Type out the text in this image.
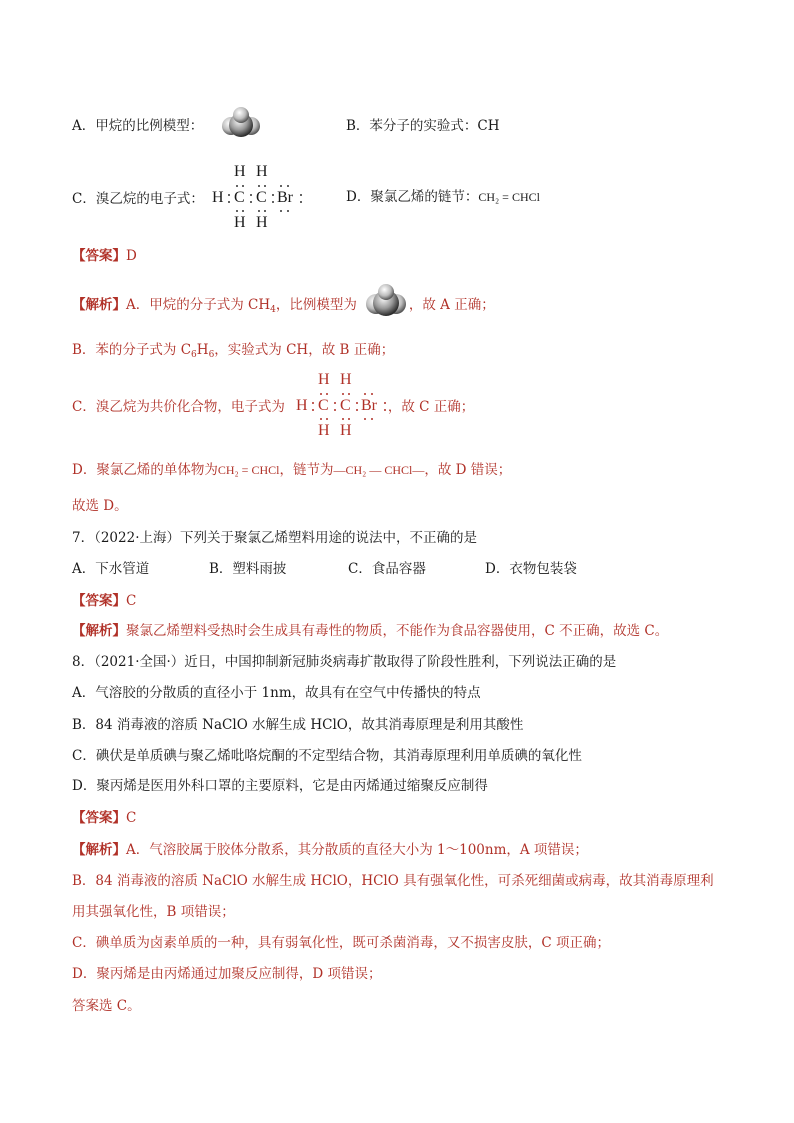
A．甲烷的比例模型：	B．苯分子的实验式：CH
C．溴乙烷的电子式：
H H
H C C Br
H H
D．聚氯乙烯的链节：CH₂ = CHCl
【答案】D
【解析】A．甲烷的分子式为 $CH_4$，比例模型为	，故 A 正确；
B．苯的分子式为 $C_6H_6$，实验式为 CH，故 B 正确；
C．溴乙烷为共价化合物，电子式为	，故 C 正确；
H H
H C C Br
H H
D．聚氯乙烯的单体物为CH₂ = CHCl，链节为—CH₂ — CHCl—，故 D 错误；
故选 D。
7．（2022·上海）下列关于聚氯乙烯塑料用途的说法中，不正确的是
A．下水管道	B．塑料雨披	C．食品容器	D．衣物包装袋
【答案】C
【解析】聚氯乙烯塑料受热时会生成具有毒性的物质，不能作为食品容器使用，C 不正确，故选 C。
8．（2021·全国·）近日，中国抑制新冠肺炎病毒扩散取得了阶段性胜利，下列说法正确的是
A．气溶胶的分散质的直径小于 1nm，故具有在空气中传播快的特点
B．84 消毒液的溶质 NaClO 水解生成 HClO，故其消毒原理是利用其酸性
C．碘伏是单质碘与聚乙烯吡咯烷酮的不定型结合物，其消毒原理利用单质碘的氧化性
D．聚丙烯是医用外科口罩的主要原料，它是由丙烯通过缩聚反应制得
【答案】C
【解析】A．气溶胶属于胶体分散系，其分散质的直径大小为 1～100nm，A 项错误；
B．84 消毒液的溶质 NaClO 水解生成 HClO，HClO 具有强氧化性，可杀死细菌或病毒，故其消毒原理利
用其强氧化性，B 项错误；
C．碘单质为卤素单质的一种，具有弱氧化性，既可杀菌消毒，又不损害皮肤，C 项正确；
D．聚丙烯是由丙烯通过加聚反应制得，D 项错误；
答案选 C。
